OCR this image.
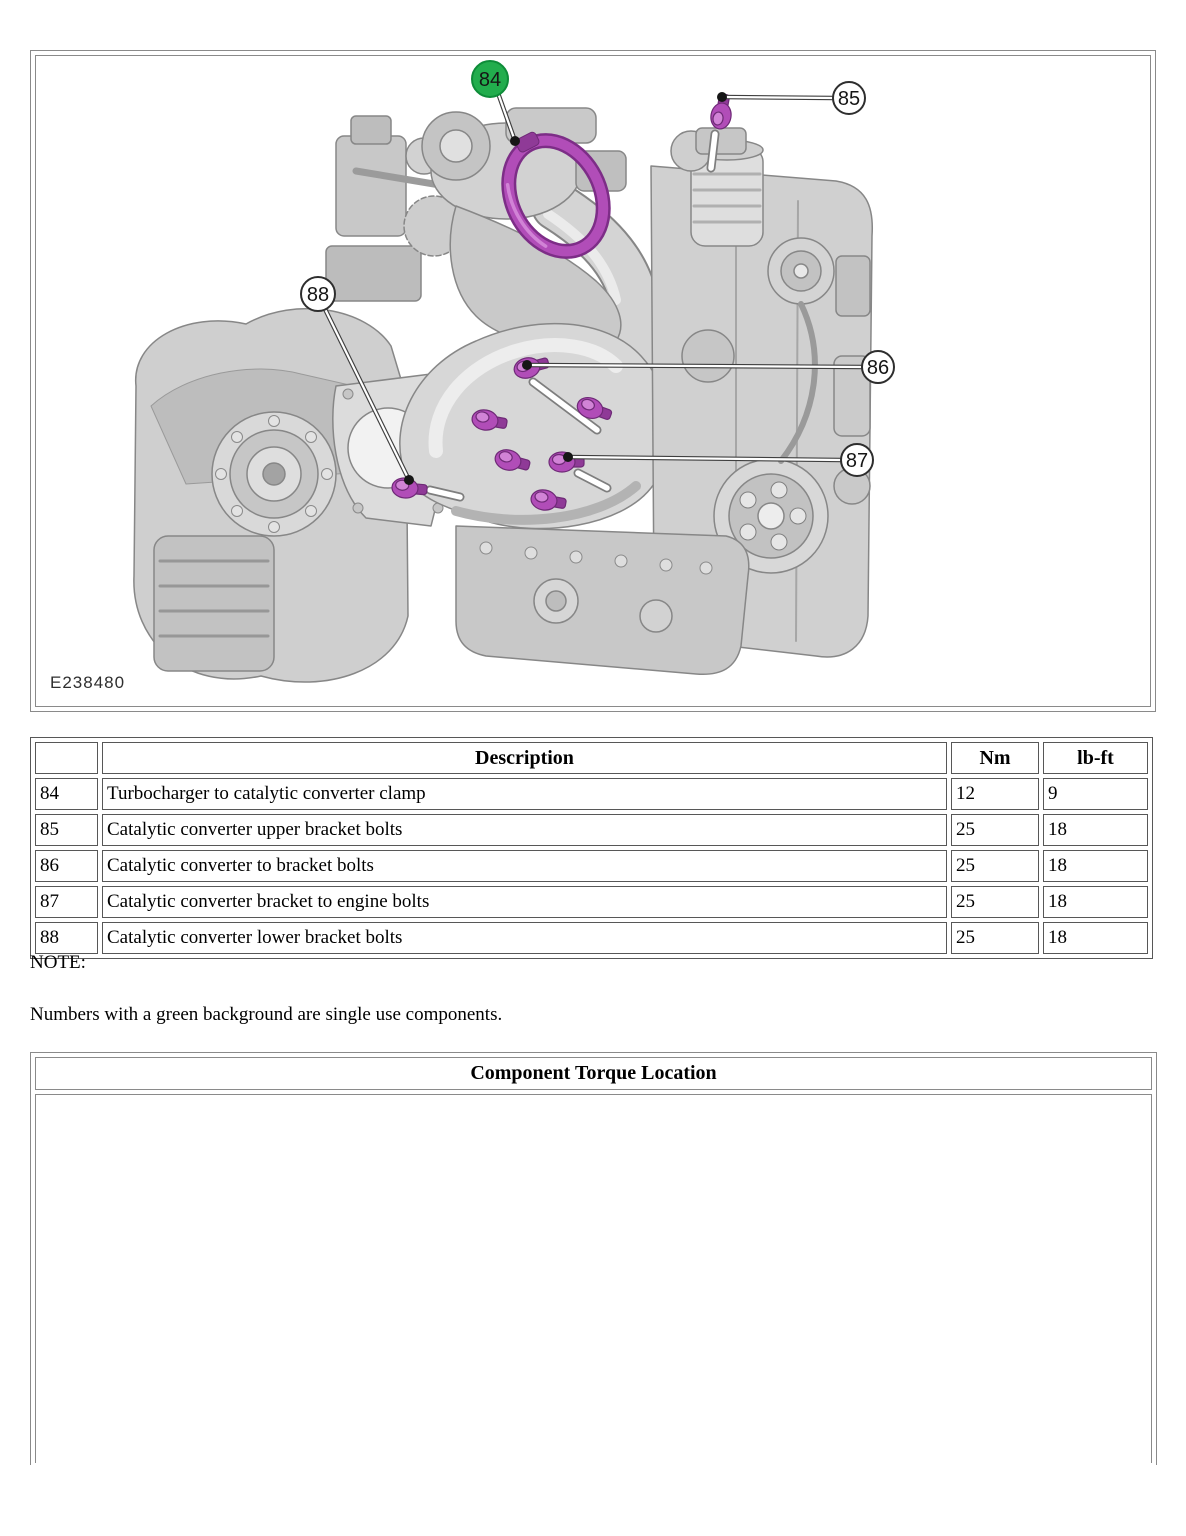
84
85
86
87
88
E238480
	Description	Nm	lb-ft
84	Turbocharger to catalytic converter clamp	12	9
85	Catalytic converter upper bracket bolts	25	18
86	Catalytic converter to bracket bolts	25	18
87	Catalytic converter bracket to engine bolts	25	18
88	Catalytic converter lower bracket bolts	25	18
NOTE:
Numbers with a green background are single use components.
Component Torque Location
